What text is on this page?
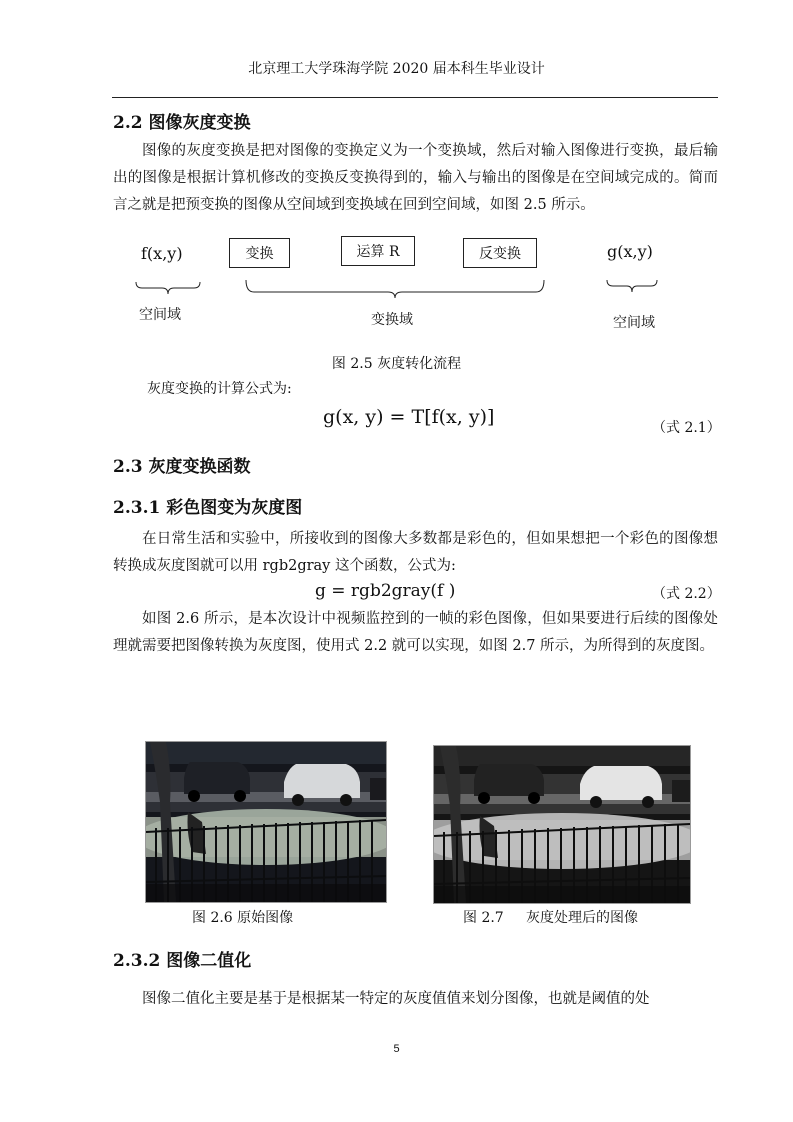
北京理工大学珠海学院 2020 届本科生毕业设计
2.2 图像灰度变换

图像的灰度变换是把对图像的变换定义为一个变换域，然后对输入图像进行变换，最后输出的图像是根据计算机修改的变换反变换得到的，输入与输出的图像是在空间域完成的。简而言之就是把预变换的图像从空间域到变换域在回到空间域，如图 2.5 所示。

f(x,y)	变换	运算 R	反变换	g(x,y)
空间域	变换域	空间域
图 2.5 灰度转化流程
灰度变换的计算公式为:
g(x, y) = T[f(x, y)]	（式 2.1）
2.3 灰度变换函数
2.3.1 彩色图变为灰度图

在日常生活和实验中，所接收到的图像大多数都是彩色的，但如果想把一个彩色的图像想转换成灰度图就可以用 rgb2gray 这个函数，公式为:

g = rgb2gray(f )	（式 2.2）

如图 2.6 所示，是本次设计中视频监控到的一帧的彩色图像，但如果要进行后续的图像处理就需要把图像转换为灰度图，使用式 2.2 就可以实现，如图 2.7 所示，为所得到的灰度图。

图 2.6 原始图像	图 2.7     灰度处理后的图像
2.3.2 图像二值化

图像二值化主要是基于是根据某一特定的灰度值值来划分图像，也就是阈值的处

5
